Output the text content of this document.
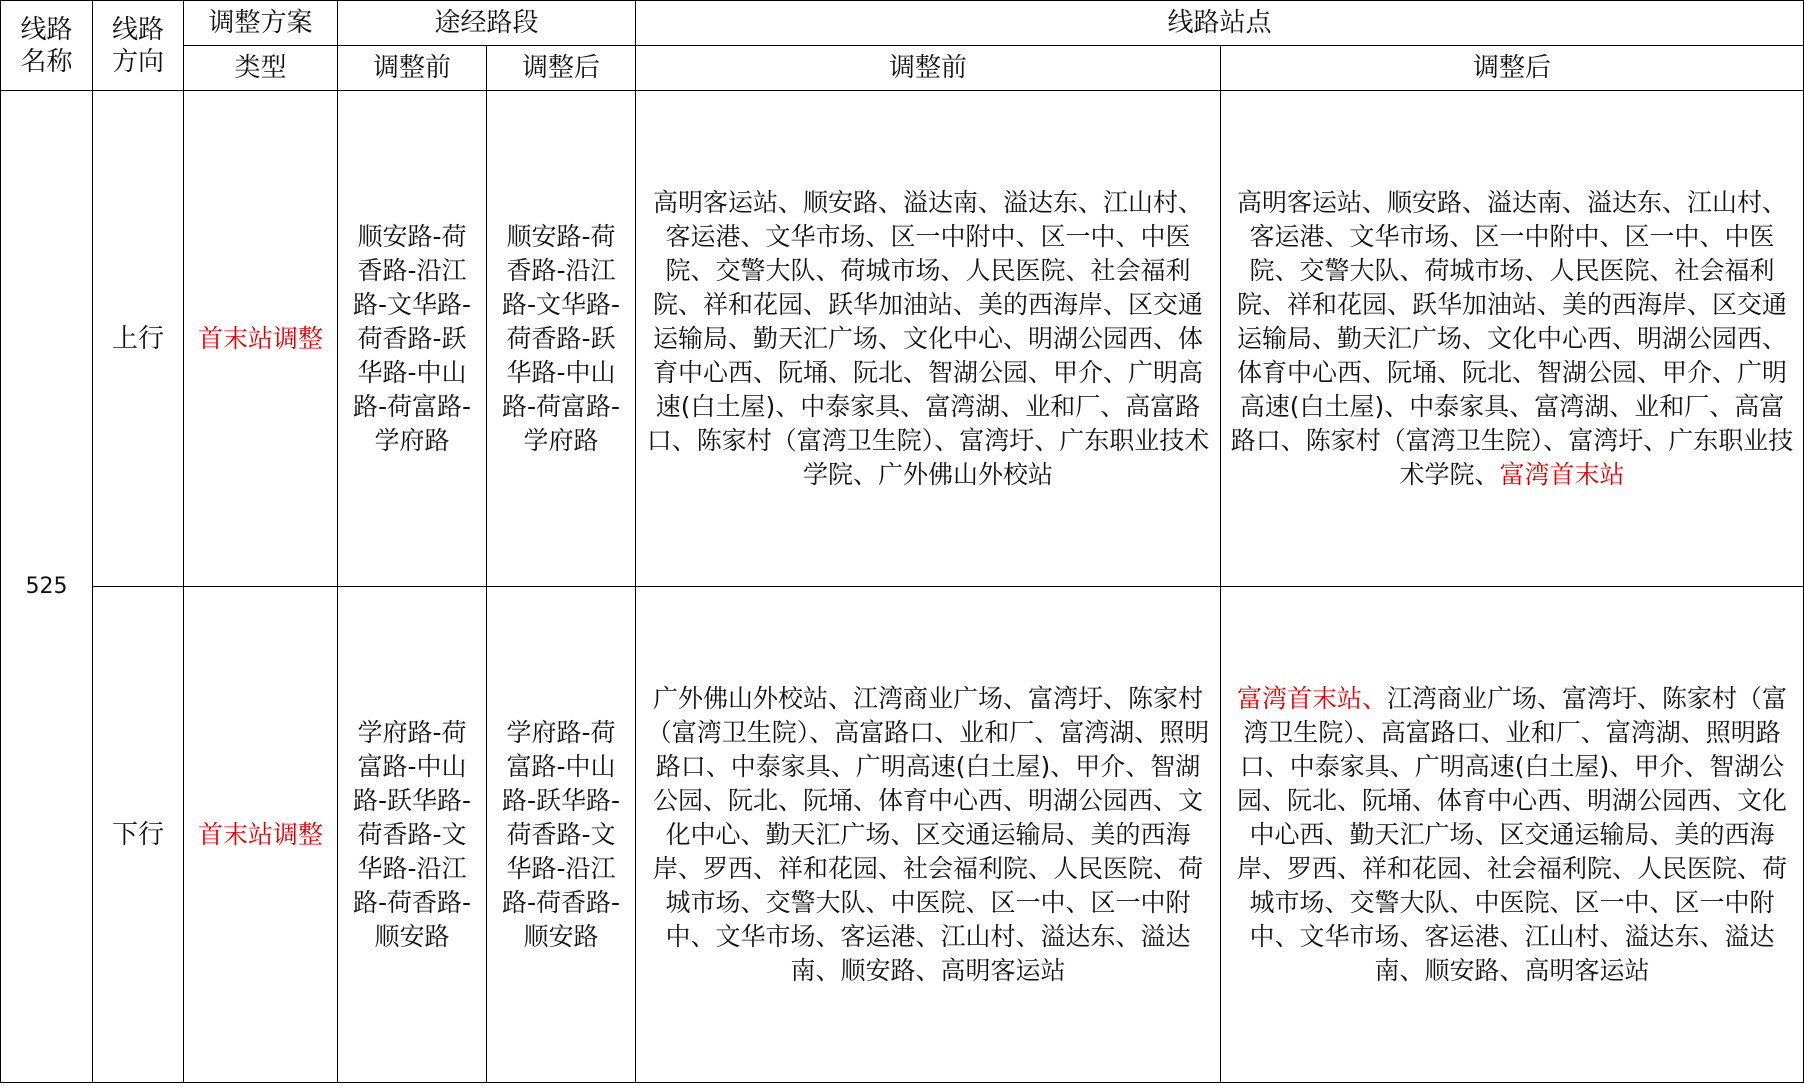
线路名称	线路方向	调整方案	途经路段		线路站点	
		类型	调整前	调整后	调整前	调整后
525	上行	首末站调整	顺安路-荷香路-沿江路-文华路-荷香路-跃华路-中山路-荷富路-学府路	顺安路-荷香路-沿江路-文华路-荷香路-跃华路-中山路-荷富路-学府路	高明客运站、顺安路、溢达南、溢达东、江山村、客运港、文华市场、区一中附中、区一中、中医院、交警大队、荷城市场、人民医院、社会福利院、祥和花园、跃华加油站、美的西海岸、区交通运输局、勤天汇广场、文化中心、明湖公园西、体育中心西、阮埇、阮北、智湖公园、甲介、广明高速(白土屋)、中泰家具、富湾湖、业和厂、高富路口、陈家村（富湾卫生院）、富湾圩、广东职业技术学院、广外佛山外校站	高明客运站、顺安路、溢达南、溢达东、江山村、客运港、文华市场、区一中附中、区一中、中医院、交警大队、荷城市场、人民医院、社会福利院、祥和花园、跃华加油站、美的西海岸、区交通运输局、勤天汇广场、文化中心西、明湖公园西、体育中心西、阮埇、阮北、智湖公园、甲介、广明高速(白土屋)、中泰家具、富湾湖、业和厂、高富路口、陈家村（富湾卫生院）、富湾圩、广东职业技术学院、富湾首末站
	下行	首末站调整	学府路-荷富路-中山路-跃华路-荷香路-文华路-沿江路-荷香路-顺安路	学府路-荷富路-中山路-跃华路-荷香路-文华路-沿江路-荷香路-顺安路	广外佛山外校站、江湾商业广场、富湾圩、陈家村（富湾卫生院）、高富路口、业和厂、富湾湖、照明路口、中泰家具、广明高速(白土屋)、甲介、智湖公园、阮北、阮埇、体育中心西、明湖公园西、文化中心、勤天汇广场、区交通运输局、美的西海岸、罗西、祥和花园、社会福利院、人民医院、荷城市场、交警大队、中医院、区一中、区一中附中、文华市场、客运港、江山村、溢达东、溢达南、顺安路、高明客运站	富湾首末站、江湾商业广场、富湾圩、陈家村（富湾卫生院）、高富路口、业和厂、富湾湖、照明路口、中泰家具、广明高速(白土屋)、甲介、智湖公园、阮北、阮埇、体育中心西、明湖公园西、文化中心西、勤天汇广场、区交通运输局、美的西海岸、罗西、祥和花园、社会福利院、人民医院、荷城市场、交警大队、中医院、区一中、区一中附中、文华市场、客运港、江山村、溢达东、溢达南、顺安路、高明客运站
